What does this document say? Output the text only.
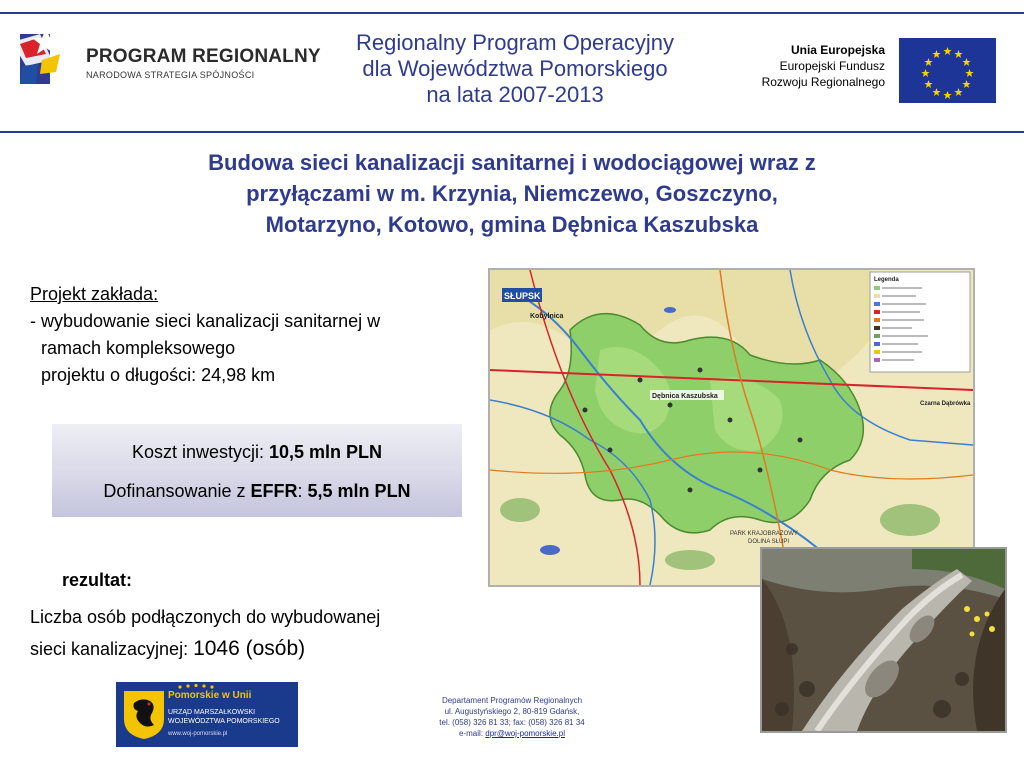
PROGRAM REGIONALNY
NARODOWA STRATEGIA SPÓJNOŚCI
Regionalny Program Operacyjny
dla Województwa Pomorskiego
na lata 2007-2013
Unia Europejska
Europejski Fundusz
Rozwoju Regionalnego
Budowa sieci kanalizacji sanitarnej i wodociągowej wraz z
przyłączami w m. Krzynia, Niemczewo, Goszczyno,
Motarzyno, Kotowo, gmina Dębnica Kaszubska
Projekt zakłada:
- wybudowanie sieci kanalizacji sanitarnej w
ramach kompleksowego
projektu o długości: 24,98 km
Koszt inwestycji: 10,5 mln PLN
Dofinansowanie z EFFR: 5,5 mln PLN
rezultat:
Liczba osób podłączonych do wybudowanej
sieci kanalizacyjnej: 1046 (osób)
SŁUPSK
Kobylnica
Dębnica Kaszubska
Czarna Dąbrówka
PARK KRAJOBRAZOWY
DOLINA SŁUPI
Legenda
Pomorskie w Unii
URZĄD MARSZAŁKOWSKI
WOJEWÓDZTWA POMORSKIEGO
www.woj-pomorskie.pl
Departament Programów Regionalnych
ul. Augustyńskiego 2, 80-819 Gdańsk,
tel. (058) 326 81 33; fax: (058) 326 81 34
e-mail: dpr@woj-pomorskie.pl
